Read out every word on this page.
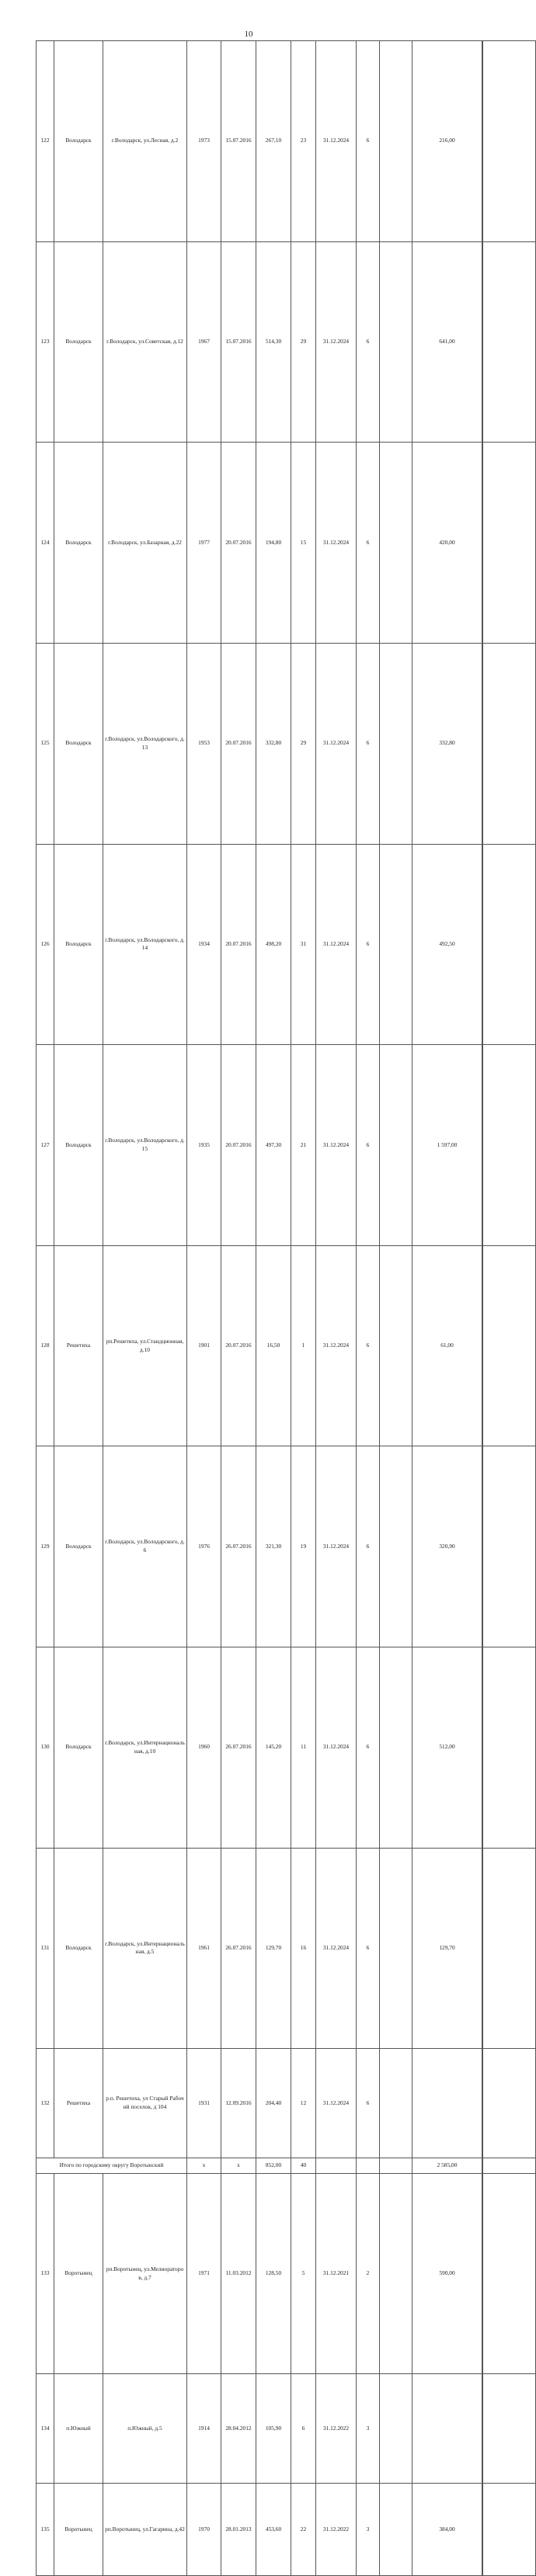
10
122	Володарск	г.Володарск, ул.Лесная, д.2	1973	15.07.2016	267,10	23	31.12.2024	6		216,00			
123	Володарск	г.Володарск, ул.Советская, д.12	1967	15.07.2016	514,30	29	31.12.2024	6		641,00			
124	Володарск	г.Володарск, ул.Базарная, д.22	1977	20.07.2016	194,80	15	31.12.2024	6		420,00			
125	Володарск	г.Володарск, ул.Володарского, д.13	1953	20.07.2016	332,80	29	31.12.2024	6		332,80			
126	Володарск	г.Володарск, ул.Володарского, д.14	1934	20.07.2016	498,20	31	31.12.2024	6		492,50			
127	Володарск	г.Володарск, ул.Володарского, д.15	1935	20.07.2016	497,30	21	31.12.2024	6		1 597,00			
128	Решетиха	рп.Решетиха, ул.Стандционная, д.10	1901	20.07.2016	16,50	1	31.12.2024	6		61,00			
129	Володарск	г.Володарск, ул.Володарского, д.6	1976	26.07.2016	321,30	19	31.12.2024	6		320,90			
130	Володарск	г.Володарск, ул.Интернациональная, д.10	1960	26.07.2016	145,20	11	31.12.2024	6		512,00			
131	Володарск	г.Володарск, ул.Интернациональная, д.5	1961	26.07.2016	129,70	16	31.12.2024	6		129,70			
132	Решетиха	р.п. Решетиха, ул Старый Рабочий поселок, д 104	1931	12.09.2016	204,40	12	31.12.2024	6					
Итого по городскому округу Воротынский			x	x	852,00	40				2 585,00			
133	Воротынец	рп.Воротынец, ул.Мелиораторов, д.7	1971	11.03.2012	128,50	5	31.12.2021	2		590,00			
134	п.Южный	п.Южный, д.5	1914	28.04.2012	105,90	6	31.12.2022	3					
135	Воротынец	рп.Воротынец, ул.Гагарина, д.42	1970	28.01.2013	453,60	22	31.12.2022	3		384,00			
